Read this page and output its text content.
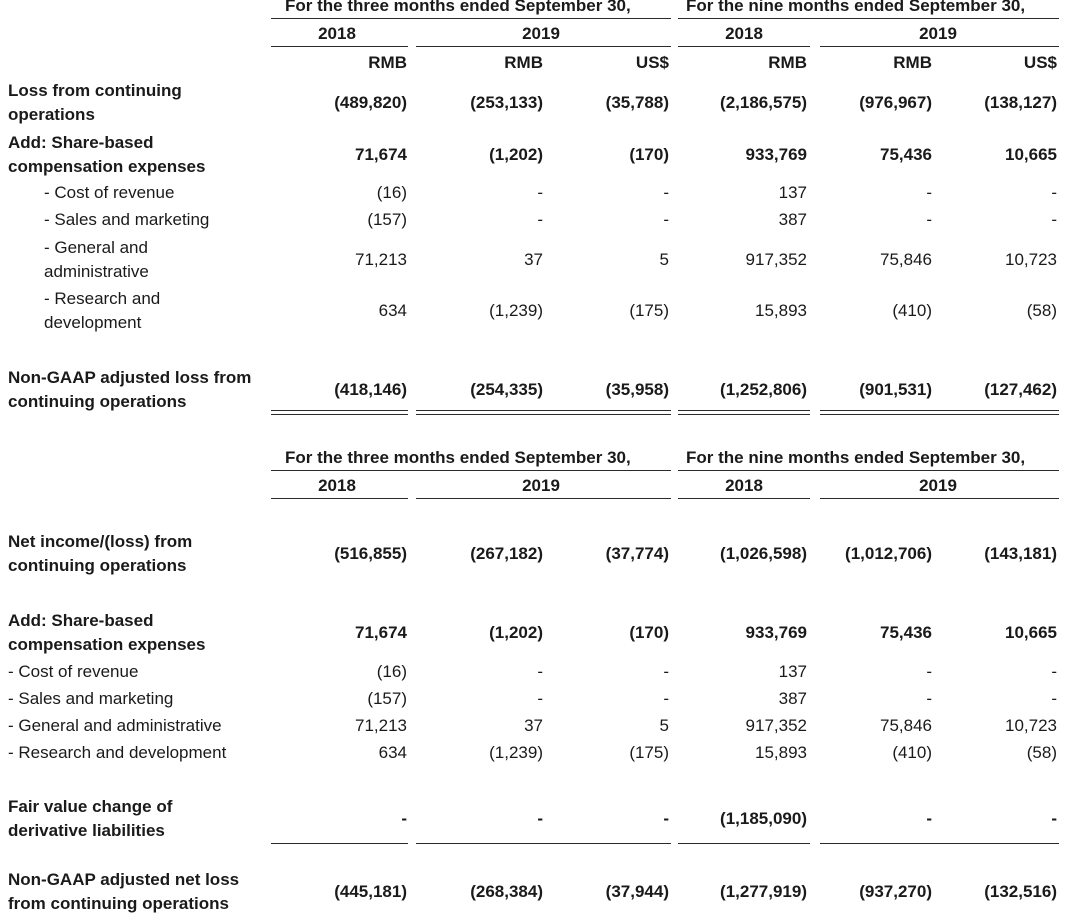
For the three months ended September 30,	For the nine months ended September 30,
2018	2019	2018	2019
RMB	RMB	US$	RMB	RMB	US$
Loss from continuing
operations
(489,820)	(253,133)	(35,788)	(2,186,575)	(976,967)	(138,127)
Add: Share-based
compensation expenses
71,674	(1,202)	(170)	933,769	75,436	10,665
- Cost of revenue	(16)	-	-	137	-	-
- Sales and marketing	(157)	-	-	387	-	-
- General and
administrative
71,213	37	5	917,352	75,846	10,723
- Research and
development
634	(1,239)	(175)	15,893	(410)	(58)
Non-GAAP adjusted loss from
continuing operations
(418,146)	(254,335)	(35,958)	(1,252,806)	(901,531)	(127,462)
For the three months ended September 30,	For the nine months ended September 30,
2018	2019	2018	2019
Net income/(loss) from
continuing operations
(516,855)	(267,182)	(37,774)	(1,026,598)	(1,012,706)	(143,181)
Add: Share-based
compensation expenses
71,674	(1,202)	(170)	933,769	75,436	10,665
- Cost of revenue	(16)	-	-	137	-	-
- Sales and marketing	(157)	-	-	387	-	-
- General and administrative	71,213	37	5	917,352	75,846	10,723
- Research and development	634	(1,239)	(175)	15,893	(410)	(58)
Fair value change of
derivative liabilities
-	-	-	(1,185,090)	-	-
Non-GAAP adjusted net loss
from continuing operations
(445,181)	(268,384)	(37,944)	(1,277,919)	(937,270)	(132,516)
